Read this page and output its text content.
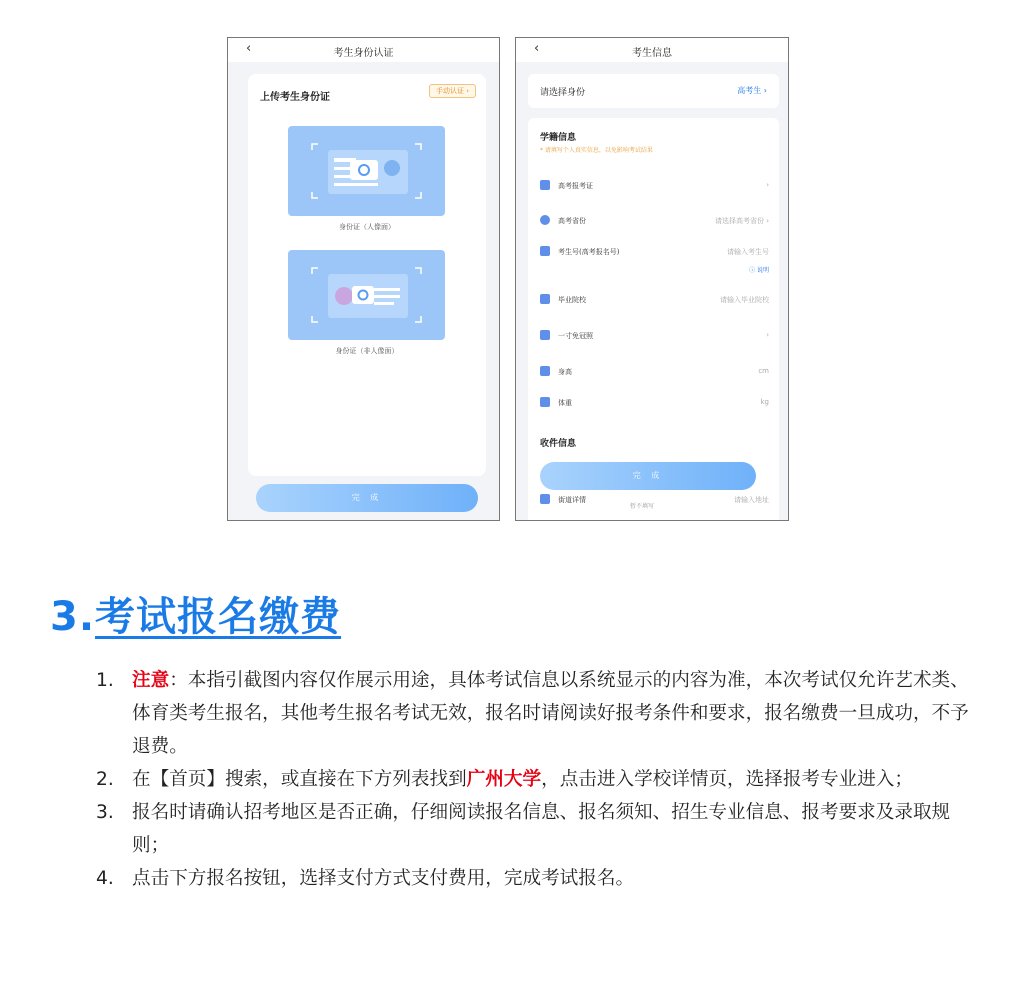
‹	考生身份认证
上传考生身份证
手动认证 ›
身份证（人像面）
身份证（非人像面）
完 成
‹	考生信息
请选择身份	高考生 ›
学籍信息
* 请填写个人真实信息，以免影响考试结果
高考报考证	›
高考省份	请选择高考省份 ›
考生号(高考报名号)	请输入考生号
ⓘ 说明
毕业院校	请输入毕业院校
一寸免冠照	›
身高	cm
体重	kg
收件信息
街道详情	请输入地址
完 成
暂不填写
3.考试报名缴费
1. 注意：本指引截图内容仅作展示用途，具体考试信息以系统显示的内容为准，本次考试仅允许艺术类、体育类考生报名，其他考生报名考试无效，报名时请阅读好报考条件和要求，报名缴费一旦成功，不予退费。
2. 在【首页】搜索，或直接在下方列表找到广州大学，点击进入学校详情页，选择报考专业进入；
3. 报名时请确认招考地区是否正确，仔细阅读报名信息、报名须知、招生专业信息、报考要求及录取规则；
4. 点击下方报名按钮，选择支付方式支付费用，完成考试报名。
